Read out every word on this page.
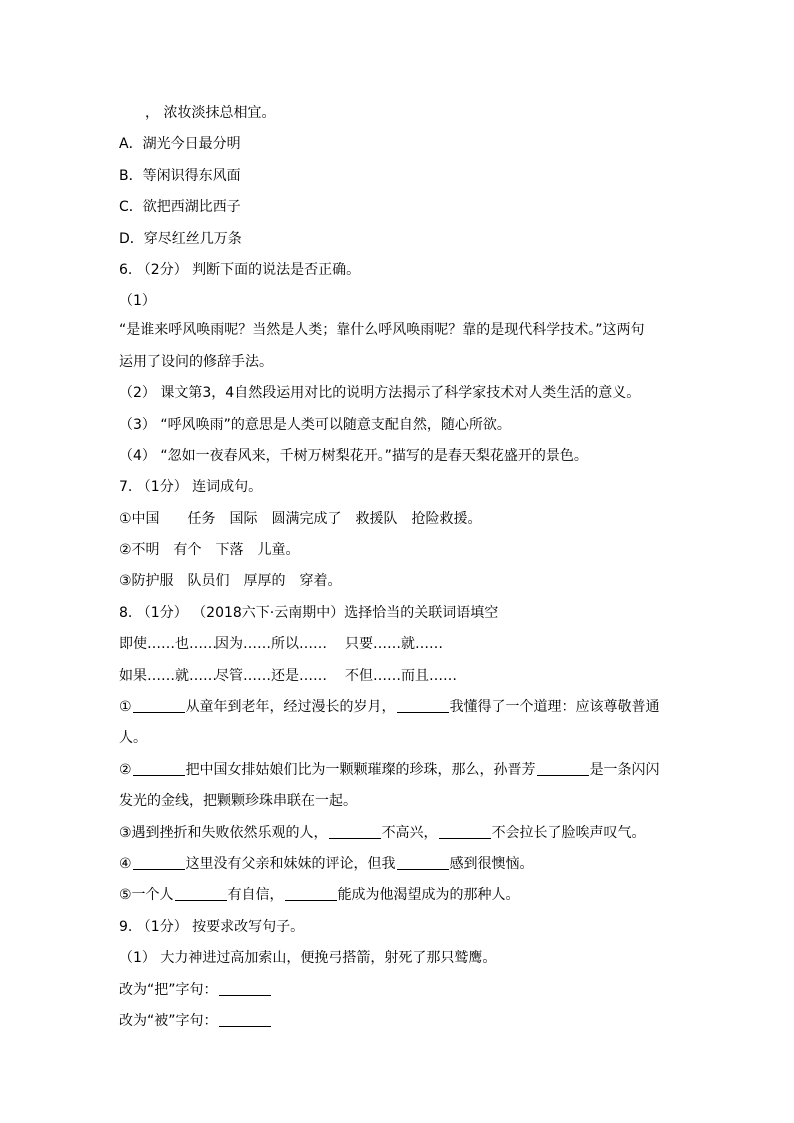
， 浓妆淡抹总相宜。
A．湖光今日最分明
B．等闲识得东风面
C．欲把西湖比西子
D．穿尽红丝几万条
6. （2分） 判断下面的说法是否正确。
（1）
“是谁来呼风唤雨呢？当然是人类；靠什么呼风唤雨呢？靠的是现代科学技术。”这两句
运用了设问的修辞手法。
（2） 课文第3，4自然段运用对比的说明方法揭示了科学家技术对人类生活的意义。
（3） “呼风唤雨”的意思是人类可以随意支配自然，随心所欲。
（4） “忽如一夜春风来，千树万树梨花开。”描写的是春天梨花盛开的景色。
7. （1分） 连词成句。
①中国　　任务　国际　圆满完成了　救援队　抢险救援。
②不明　有个　下落　儿童。
③防护服　队员们　厚厚的　穿着。
8. （1分） （2018六下·云南期中）选择恰当的关联词语填空
即使……也……因为……所以…… 只要……就……
如果……就……尽管……还是…… 不但……而且……
①	从童年到老年，经过漫长的岁月，	我懂得了一个道理：应该尊敬普通
人。
②	把中国女排姑娘们比为一颗颗璀璨的珍珠，那么，孙晋芳	是一条闪闪
发光的金线，把颗颗珍珠串联在一起。
③遇到挫折和失败依然乐观的人，	不高兴，	不会拉长了脸唉声叹气。
④	这里没有父亲和妹妹的评论，但我	感到很懊恼。
⑤一个人	有自信，	能成为他渴望成为的那种人。
9. （1分） 按要求改写句子。
（1） 大力神进过高加索山，便挽弓搭箭，射死了那只鹫鹰。
改为“把”字句：
改为“被”字句：
